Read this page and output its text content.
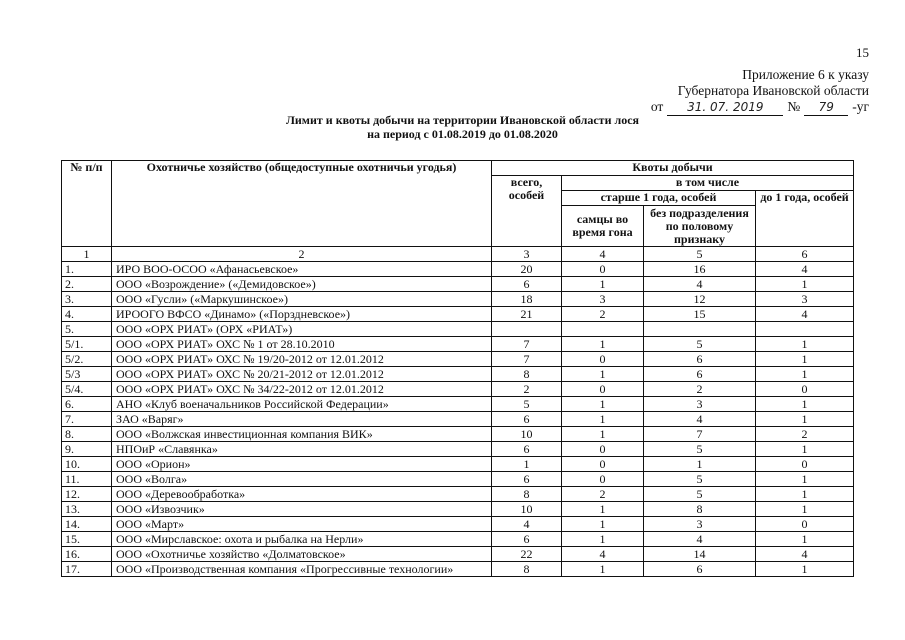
15
Приложение 6 к указу
Губернатора Ивановской области
от	31. 07. 2019	№	79	-уг
Лимит и квоты добычи на территории Ивановской области лося
на период с 01.08.2019 до 01.08.2020
№ п/п	Охотничье хозяйство (общедоступные охотничьи угодья)	Квоты добычи			
		всего, особей	в том числе		
			старше 1 года, особей		до 1 года, особей
			самцы во время гона	без подразделения по половому признаку	
1	2	3	4	5	6
1.	ИРО ВОО-ОСОО «Афанасьевское»	20	0	16	4
2.	ООО «Возрождение» («Демидовское»)	6	1	4	1
3.	ООО «Гусли» («Маркушинское»)	18	3	12	3
4.	ИРООГО ВФСО «Динамо» («Порздневское»)	21	2	15	4
5.	ООО «ОРХ РИАТ» (ОРХ «РИАТ»)				
5/1.	ООО «ОРХ РИАТ» ОХС № 1 от 28.10.2010	7	1	5	1
5/2.	ООО «ОРХ РИАТ» ОХС № 19/20-2012 от 12.01.2012	7	0	6	1
5/3	ООО «ОРХ РИАТ» ОХС № 20/21-2012 от 12.01.2012	8	1	6	1
5/4.	ООО «ОРХ РИАТ» ОХС № 34/22-2012 от 12.01.2012	2	0	2	0
6.	АНО «Клуб военачальников Российской Федерации»	5	1	3	1
7.	ЗАО «Варяг»	6	1	4	1
8.	ООО «Волжская инвестиционная компания ВИК»	10	1	7	2
9.	НПОиР «Славянка»	6	0	5	1
10.	ООО «Орион»	1	0	1	0
11.	ООО «Волга»	6	0	5	1
12.	ООО «Деревообработка»	8	2	5	1
13.	ООО «Извозчик»	10	1	8	1
14.	ООО «Март»	4	1	3	0
15.	ООО «Мирславское: охота и рыбалка на Нерли»	6	1	4	1
16.	ООО «Охотничье хозяйство «Долматовское»	22	4	14	4
17.	ООО «Производственная компания «Прогрессивные технологии»	8	1	6	1
